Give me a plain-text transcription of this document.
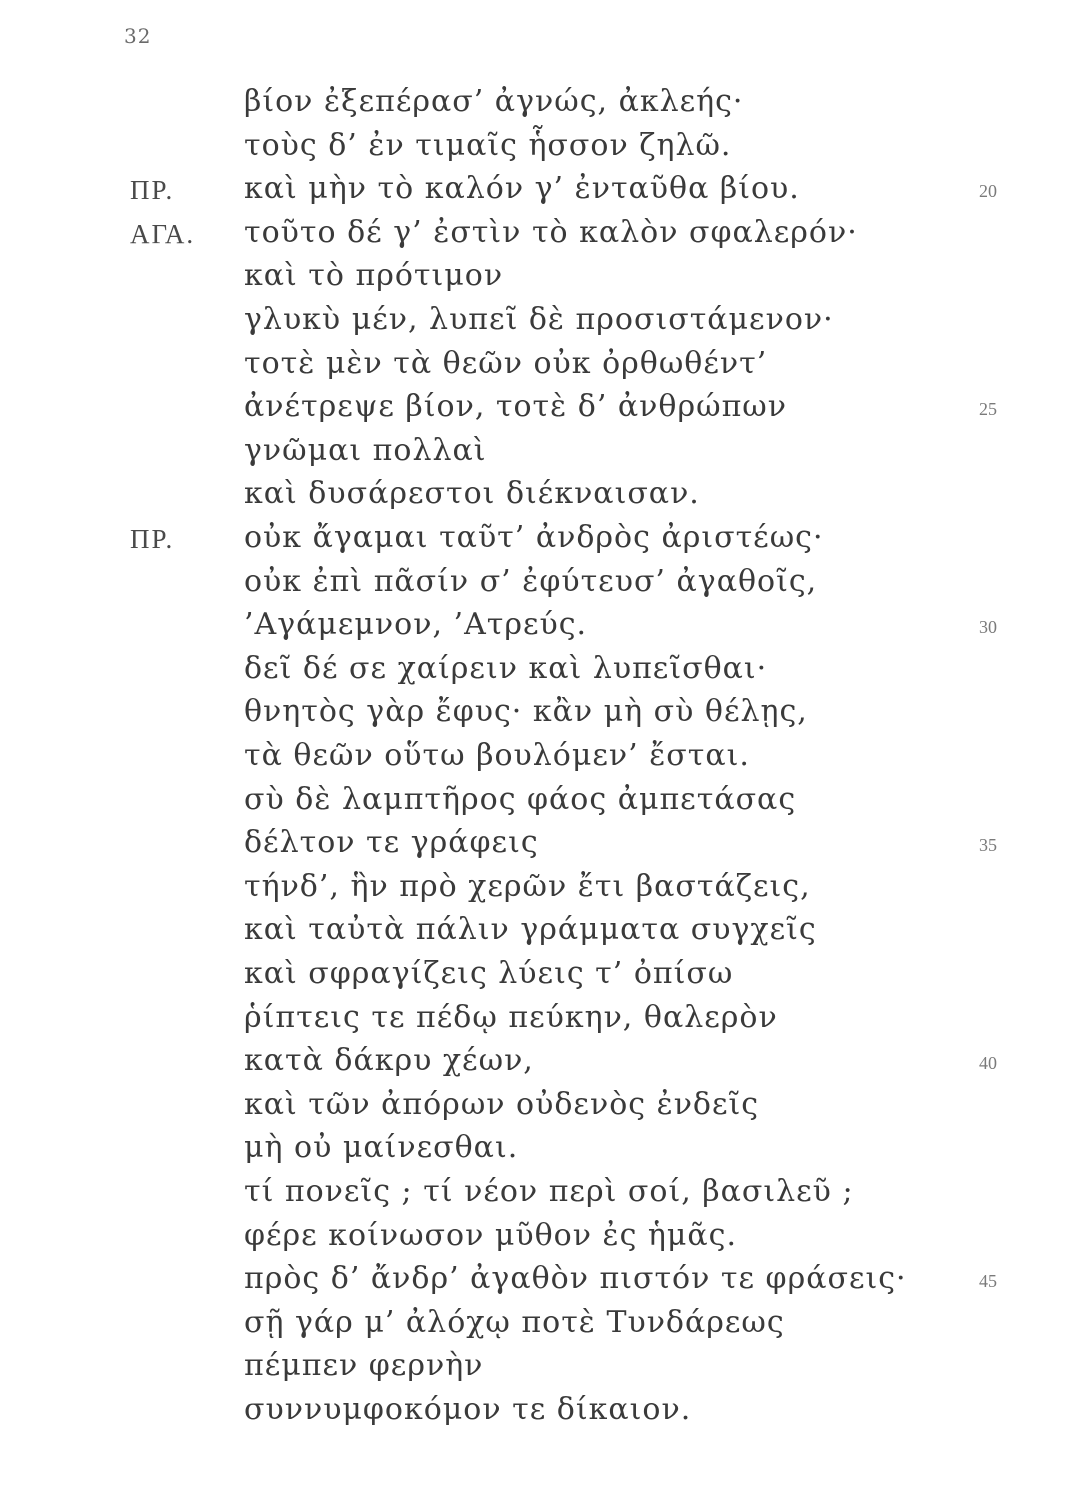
32
βίον ἐξεπέρασ’ ἀγνώς, ἀκλεής·
τοὺς δ’ ἐν τιμαῖς ἧσσον ζηλῶ.
ΠΡ. καὶ μὴν τὸ καλόν γ’ ἐνταῦθα βίου.	20
ΑΓΑ. τοῦτο δέ γ’ ἐστὶν τὸ καλὸν σφαλερόν·
καὶ τὸ πρότιμον
γλυκὺ μέν, λυπεῖ δὲ προσιστάμενον·
τοτὲ μὲν τὰ θεῶν οὐκ ὀρθωθέντ’
ἀνέτρεψε βίον, τοτὲ δ’ ἀνθρώπων	25
γνῶμαι πολλαὶ
καὶ δυσάρεστοι διέκναισαν.
ΠΡ. οὐκ ἄγαμαι ταῦτ’ ἀνδρὸς ἀριστέως·
οὐκ ἐπὶ πᾶσίν σ’ ἐφύτευσ’ ἀγαθοῖς,
’Αγάμεμνον, ’Ατρεύς.	30
δεῖ δέ σε χαίρειν καὶ λυπεῖσθαι·
θνητὸς γὰρ ἔφυς· κἂν μὴ σὺ θέλῃς,
τὰ θεῶν οὕτω βουλόμεν’ ἔσται.
σὺ δὲ λαμπτῆρος φάος ἀμπετάσας
δέλτον τε γράφεις	35
τήνδ’, ἣν πρὸ χερῶν ἔτι βαστάζεις,
καὶ ταὐτὰ πάλιν γράμματα συγχεῖς
καὶ σφραγίζεις λύεις τ’ ὀπίσω
ῥίπτεις τε πέδῳ πεύκην, θαλερὸν
κατὰ δάκρυ χέων,	40
καὶ τῶν ἀπόρων οὐδενὸς ἐνδεῖς
μὴ οὐ μαίνεσθαι.
τί πονεῖς ; τί νέον περὶ σοί, βασιλεῦ ;
φέρε κοίνωσον μῦθον ἐς ἡμᾶς.
πρὸς δ’ ἄνδρ’ ἀγαθὸν πιστόν τε φράσεις·	45
σῇ γάρ μ’ ἀλόχῳ ποτὲ Τυνδάρεως
πέμπεν φερνὴν
συννυμφοκόμον τε δίκαιον.
